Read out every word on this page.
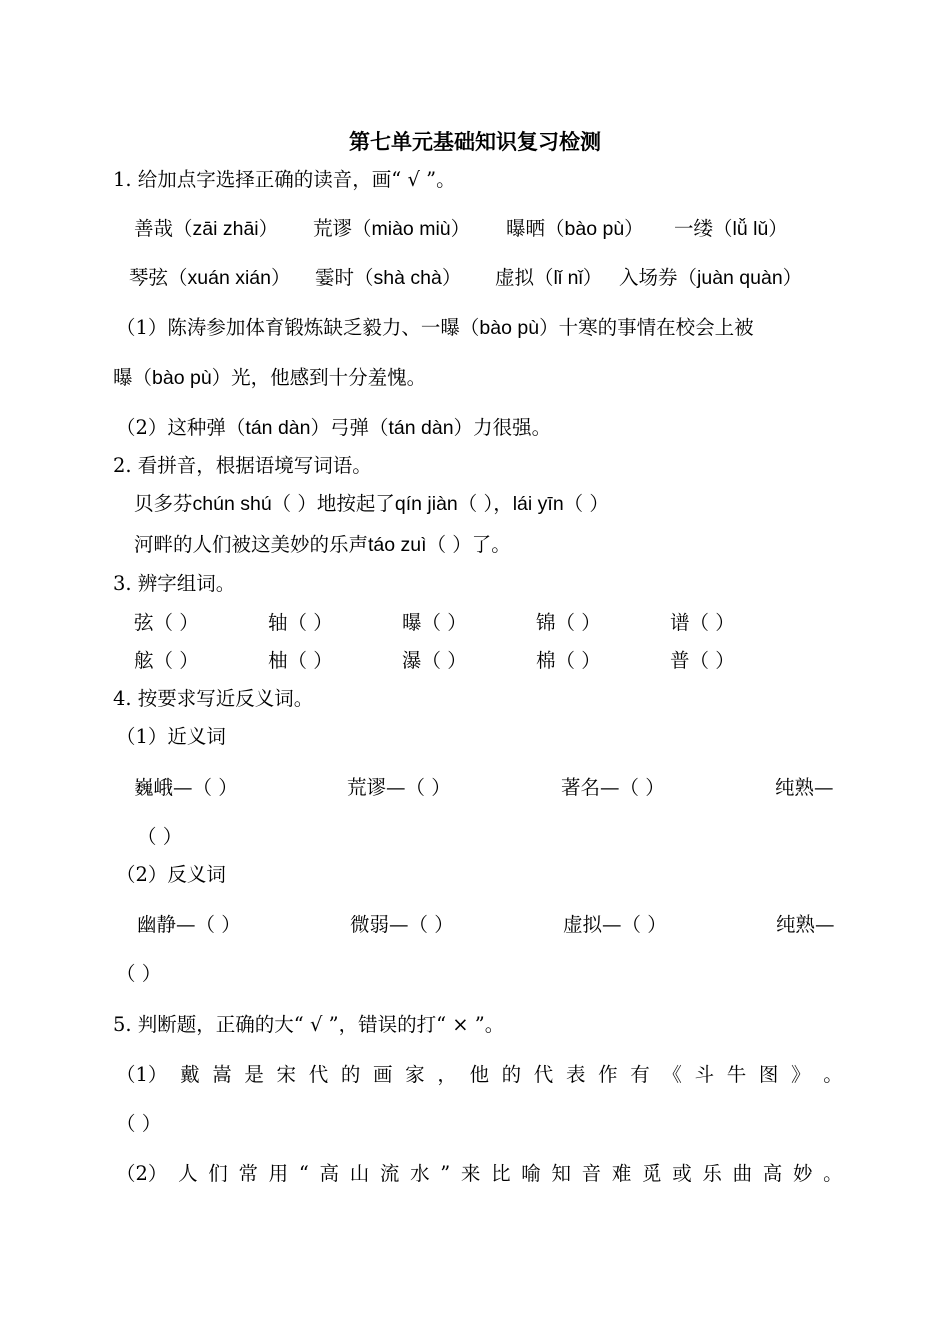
第七单元基础知识复习检测
1. 给加点字选择正确的读音，画“ √ ”。
善哉（zāi zhāi） 荒谬（miào miù） 曝晒（bào pù） 一缕（lǚ lǔ）
琴弦（xuán xián） 霎时（shà chà） 虚拟（lǐ nǐ） 入场券（juàn quàn）
（1）陈涛参加体育锻炼缺乏毅力、一曝（bào pù）十寒的事情在校会上被
曝（bào pù）光，他感到十分羞愧。
（2）这种弹（tán dàn）弓弹（tán dàn）力很强。
2. 看拼音，根据语境写词语。
贝多芬chún shú（ ）地按起了qín jiàn（ ），lái yīn（ ）
河畔的人们被这美妙的乐声táo zuì（ ）了。
3. 辨字组词。
弦（ ）	轴（ ）	曝（ ）	锦（ ）	谱（ ）
舷（ ）	柚（ ）	瀑（ ）	棉（ ）	普（ ）
4. 按要求写近反义词。
（1）近义词
巍峨—（ ）	荒谬—（ ）	著名—（ ）	纯熟—
（ ）
（2）反义词
幽静—（ ）	微弱—（ ）	虚拟—（ ）	纯熟—
（ ）
5. 判断题，正确的大“ √ ”，错误的打“ × ”。
（1） 戴 嵩 是 宋 代 的 画 家 ， 他 的 代 表 作 有 《 斗 牛 图 》 。
（ ）
（2） 人 们 常 用 “ 高 山 流 水 ” 来 比 喻 知 音 难 觅 或 乐 曲 高 妙 。
